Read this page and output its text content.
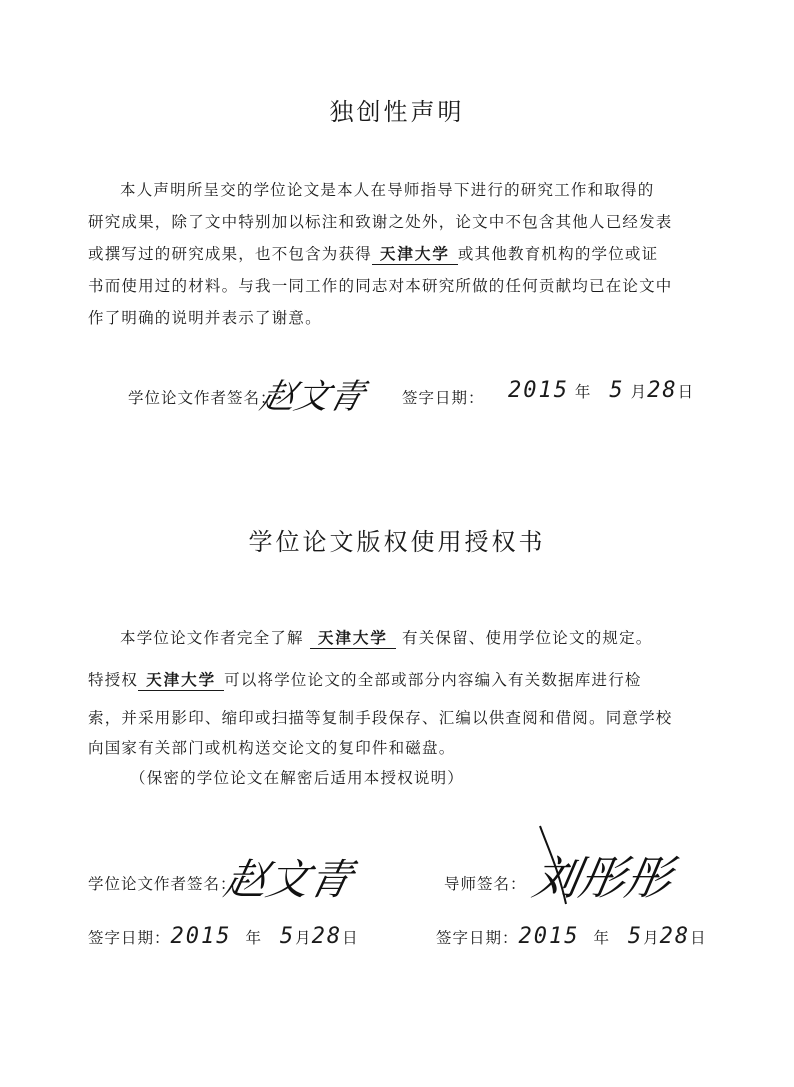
独创性声明
本人声明所呈交的学位论文是本人在导师指导下进行的研究工作和取得的
研究成果，除了文中特别加以标注和致谢之处外，论文中不包含其他人已经发表
或撰写过的研究成果，也不包含为获得 天津大学 或其他教育机构的学位或证
书而使用过的材料。与我一同工作的同志对本研究所做的任何贡献均已在论文中
作了明确的说明并表示了谢意。
学位论文作者签名：
赵文青 签字日期： 2015 年 5 月28日
学位论文版权使用授权书
本学位论文作者完全了解 天津大学 有关保留、使用学位论文的规定。
特授权 天津大学 可以将学位论文的全部或部分内容编入有关数据库进行检
索，并采用影印、缩印或扫描等复制手段保存、汇编以供查阅和借阅。同意学校
向国家有关部门或机构送交论文的复印件和磁盘。
（保密的学位论文在解密后适用本授权说明）
学位论文作者签名：
赵文青	导师签名： 刘彤彤
签字日期：2015 年 5月28日	签字日期：2015 年 5月28日
